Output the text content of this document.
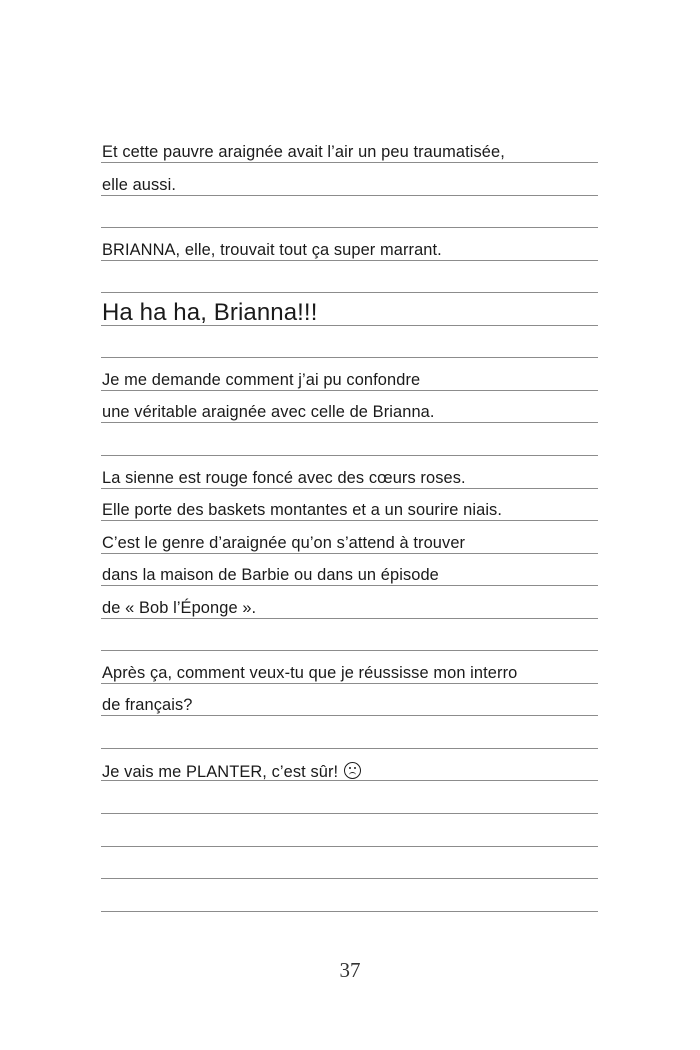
Et cette pauvre araignée avait l’air un peu traumatisée,
elle aussi.
BRIANNA, elle, trouvait tout ça super marrant.
Ha ha ha, Brianna!!!
Je me demande comment j’ai pu confondre
une véritable araignée avec celle de Brianna.
La sienne est rouge foncé avec des cœurs roses.
Elle porte des baskets montantes et a un sourire niais.
C’est le genre d’araignée qu’on s’attend à trouver
dans la maison de Barbie ou dans un épisode
de « Bob l’Éponge ».
Après ça, comment veux-tu que je réussisse mon interro
de français?
Je vais me PLANTER, c’est sûr!
37
